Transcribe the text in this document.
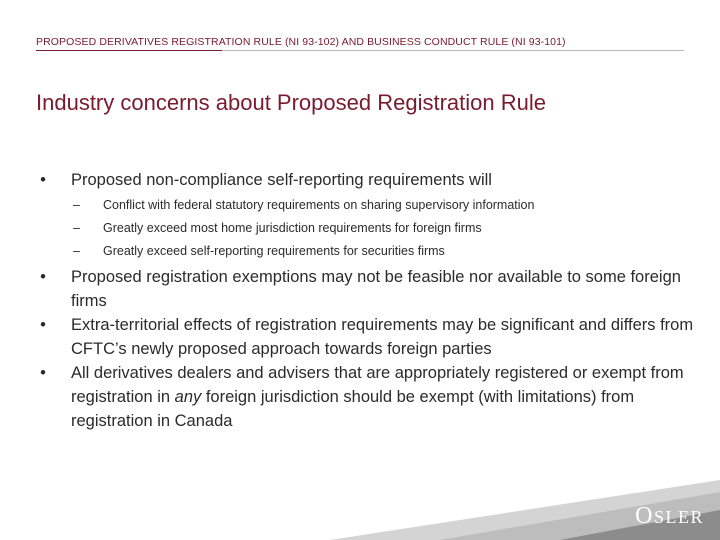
PROPOSED DERIVATIVES REGISTRATION RULE (NI 93-102) AND BUSINESS CONDUCT RULE (NI 93-101)
Industry concerns about Proposed Registration Rule
• Proposed non-compliance self-reporting requirements will
– Conflict with federal statutory requirements on sharing supervisory information
– Greatly exceed most home jurisdiction requirements for foreign firms
– Greatly exceed self-reporting requirements for securities firms
• Proposed registration exemptions may not be feasible nor available to some foreign firms
• Extra-territorial effects of registration requirements may be significant and differs from CFTC’s newly proposed approach towards foreign parties
• All derivatives dealers and advisers that are appropriately registered or exempt from registration in any foreign jurisdiction should be exempt (with limitations) from registration in Canada
OSLER
